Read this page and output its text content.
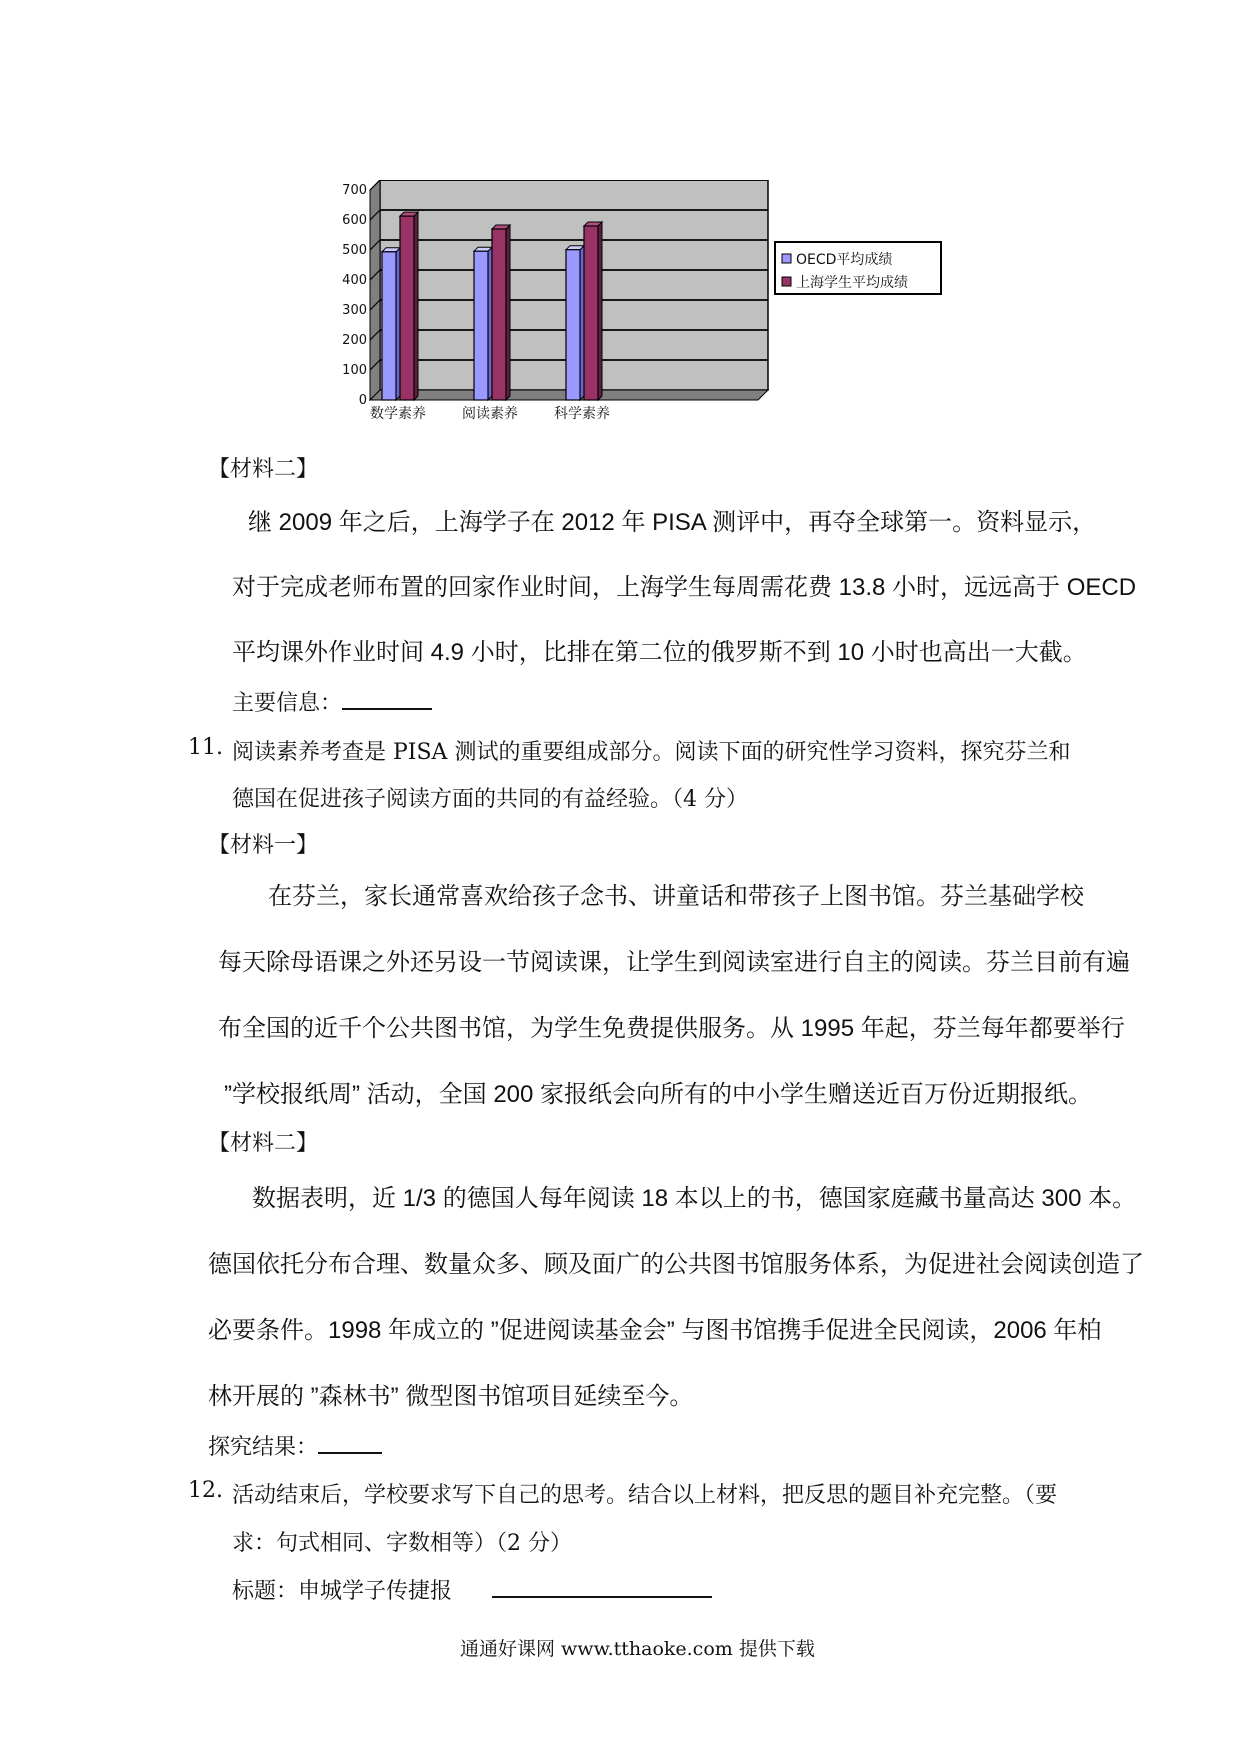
0
100
200
300
400
500
600
700
数学素养	阅读素养	科学素养
OECD平均成绩
上海学生平均成绩
【材料二】
继 2009 年之后，上海学子在 2012 年 PISA 测评中，再夺全球第一。资料显示，
对于完成老师布置的回家作业时间，上海学生每周需花费 13.8 小时，远远高于 OECD
平均课外作业时间 4.9 小时，比排在第二位的俄罗斯不到 10 小时也高出一大截。
主要信息：
11. 阅读素养考查是 PISA 测试的重要组成部分。阅读下面的研究性学习资料，探究芬兰和
德国在促进孩子阅读方面的共同的有益经验。（4 分）
【材料一】
在芬兰，家长通常喜欢给孩子念书、讲童话和带孩子上图书馆。芬兰基础学校
每天除母语课之外还另设一节阅读课，让学生到阅读室进行自主的阅读。芬兰目前有遍
布全国的近千个公共图书馆，为学生免费提供服务。从 1995 年起，芬兰每年都要举行
”学校报纸周” 活动，全国 200 家报纸会向所有的中小学生赠送近百万份近期报纸。
【材料二】
数据表明，近 1/3 的德国人每年阅读 18 本以上的书，德国家庭藏书量高达 300 本。
德国依托分布合理、数量众多、顾及面广的公共图书馆服务体系，为促进社会阅读创造了
必要条件。1998 年成立的 ”促进阅读基金会” 与图书馆携手促进全民阅读，2006 年柏
林开展的 ”森林书” 微型图书馆项目延续至今。
探究结果：
12. 活动结束后，学校要求写下自己的思考。结合以上材料，把反思的题目补充完整。（要
求：句式相同、字数相等）（2 分）
标题：申城学子传捷报
通通好课网 www.tthaoke.com 提供下载
